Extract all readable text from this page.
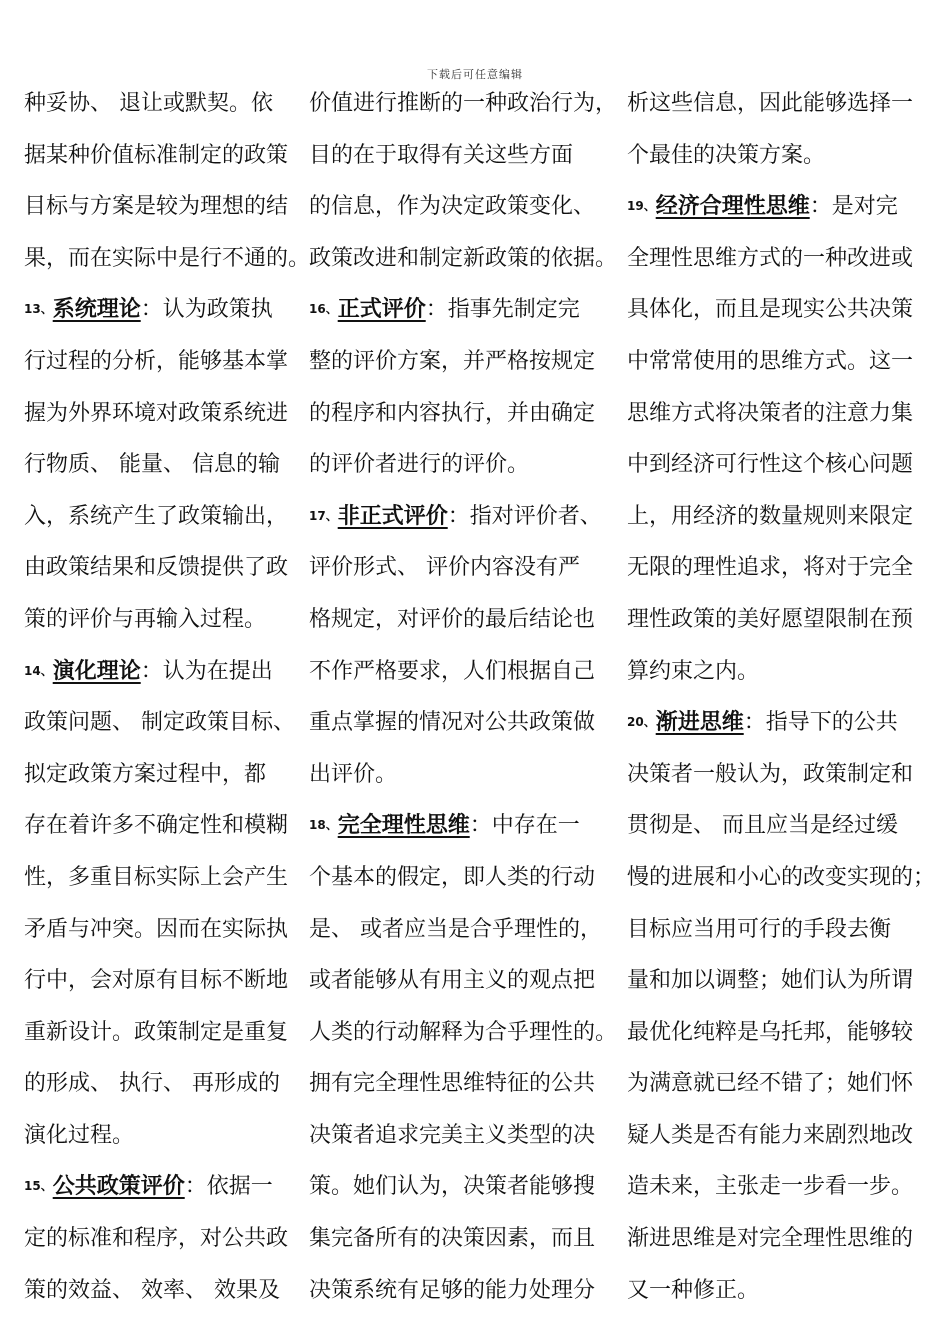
下载后可任意编辑
种妥协、 退让或默契。依
据某种价值标准制定的政策
目标与方案是较为理想的结
果，而在实际中是行不通的。
13、系统理论：认为政策执
行过程的分析，能够基本掌
握为外界环境对政策系统进
行物质、 能量、 信息的输
入，系统产生了政策输出，
由政策结果和反馈提供了政
策的评价与再输入过程。
14、演化理论：认为在提出
政策问题、 制定政策目标、
拟定政策方案过程中，都
存在着许多不确定性和模糊
性，多重目标实际上会产生
矛盾与冲突。因而在实际执
行中，会对原有目标不断地
重新设计。政策制定是重复
的形成、 执行、 再形成的
演化过程。
15、公共政策评价：依据一
定的标准和程序，对公共政
策的效益、 效率、 效果及
价值进行推断的一种政治行为，
目的在于取得有关这些方面
的信息，作为决定政策变化、
政策改进和制定新政策的依据。
16、正式评价：指事先制定完
整的评价方案，并严格按规定
的程序和内容执行，并由确定
的评价者进行的评价。
17、非正式评价：指对评价者、
评价形式、 评价内容没有严
格规定，对评价的最后结论也
不作严格要求，人们根据自己
重点掌握的情况对公共政策做
出评价。
18、完全理性思维：中存在一
个基本的假定，即人类的行动
是、 或者应当是合乎理性的，
或者能够从有用主义的观点把
人类的行动解释为合乎理性的。
拥有完全理性思维特征的公共
决策者追求完美主义类型的决
策。她们认为，决策者能够搜
集完备所有的决策因素，而且
决策系统有足够的能力处理分
析这些信息，因此能够选择一
个最佳的决策方案。
19、经济合理性思维：是对完
全理性思维方式的一种改进或
具体化，而且是现实公共决策
中常常使用的思维方式。这一
思维方式将决策者的注意力集
中到经济可行性这个核心问题
上，用经济的数量规则来限定
无限的理性追求，将对于完全
理性政策的美好愿望限制在预
算约束之内。
20、渐进思维：指导下的公共
决策者一般认为，政策制定和
贯彻是、 而且应当是经过缓
慢的进展和小心的改变实现的；
目标应当用可行的手段去衡
量和加以调整；她们认为所谓
最优化纯粹是乌托邦，能够较
为满意就已经不错了；她们怀
疑人类是否有能力来剧烈地改
造未来，主张走一步看一步。
渐进思维是对完全理性思维的
又一种修正。
